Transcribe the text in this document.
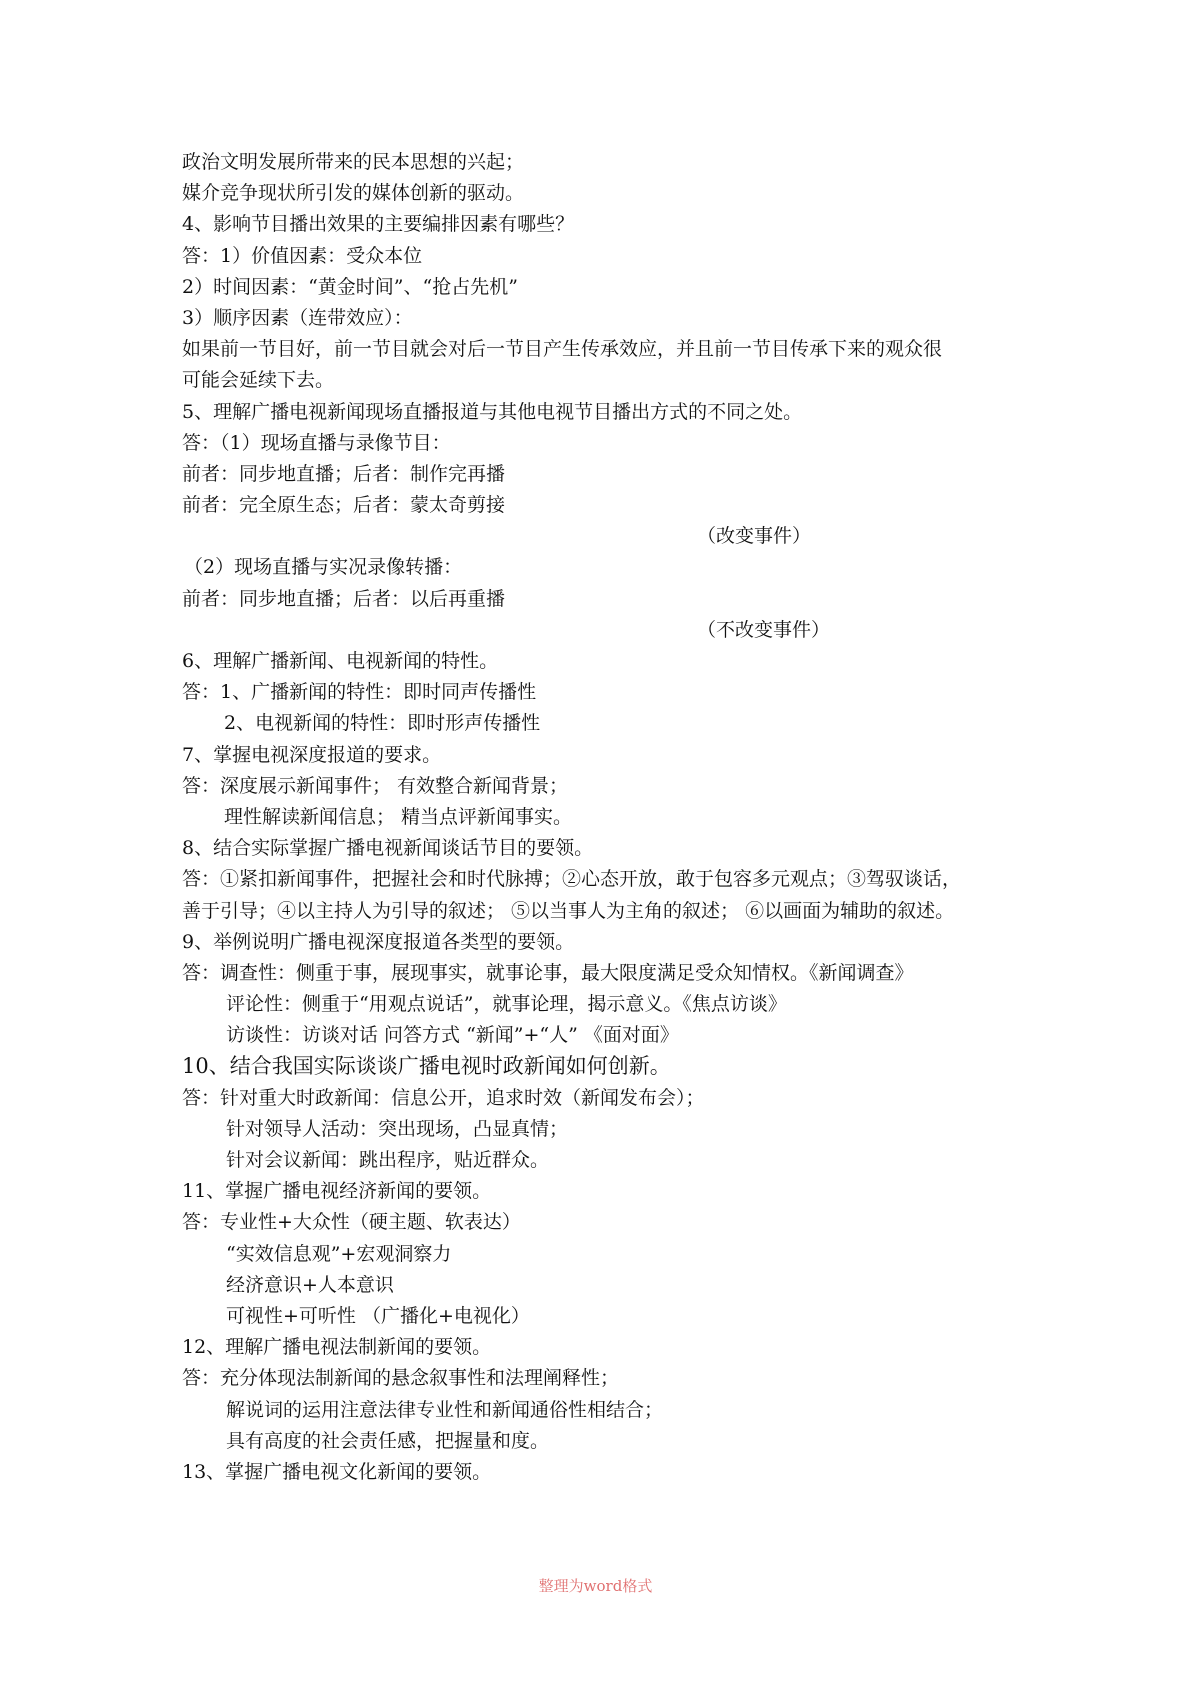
政治文明发展所带来的民本思想的兴起；
媒介竞争现状所引发的媒体创新的驱动。
4、影响节目播出效果的主要编排因素有哪些？
答：1）价值因素：受众本位
2）时间因素：“黄金时间”、“抢占先机”
3）顺序因素（连带效应）：
如果前一节目好，前一节目就会对后一节目产生传承效应，并且前一节目传承下来的观众很
可能会延续下去。
5、理解广播电视新闻现场直播报道与其他电视节目播出方式的不同之处。
答：（1）现场直播与录像节目：
前者：同步地直播；后者：制作完再播
前者：完全原生态；后者：蒙太奇剪接
（改变事件）
（2）现场直播与实况录像转播：
前者：同步地直播；后者：以后再重播
（不改变事件）
6、理解广播新闻、电视新闻的特性。
答：1、广播新闻的特性：即时同声传播性
2、电视新闻的特性：即时形声传播性
7、掌握电视深度报道的要求。
答：深度展示新闻事件； 有效整合新闻背景；
理性解读新闻信息； 精当点评新闻事实。
8、结合实际掌握广播电视新闻谈话节目的要领。
答：①紧扣新闻事件，把握社会和时代脉搏；②心态开放，敢于包容多元观点；③驾驭谈话，
善于引导；④以主持人为引导的叙述； ⑤以当事人为主角的叙述； ⑥以画面为辅助的叙述。
9、举例说明广播电视深度报道各类型的要领。
答：调查性：侧重于事，展现事实，就事论事，最大限度满足受众知情权。《新闻调查》
评论性：侧重于“用观点说话”，就事论理，揭示意义。《焦点访谈》
访谈性：访谈对话 问答方式 “新闻”+“人” 《面对面》
10、结合我国实际谈谈广播电视时政新闻如何创新。
答：针对重大时政新闻：信息公开，追求时效（新闻发布会）；
针对领导人活动：突出现场，凸显真情；
针对会议新闻：跳出程序，贴近群众。
11、掌握广播电视经济新闻的要领。
答：专业性+大众性（硬主题、软表达）
“实效信息观”+宏观洞察力
经济意识+人本意识
可视性+可听性 （广播化+电视化）
12、理解广播电视法制新闻的要领。
答：充分体现法制新闻的悬念叙事性和法理阐释性；
解说词的运用注意法律专业性和新闻通俗性相结合；
具有高度的社会责任感，把握量和度。
13、掌握广播电视文化新闻的要领。
整理为word格式
